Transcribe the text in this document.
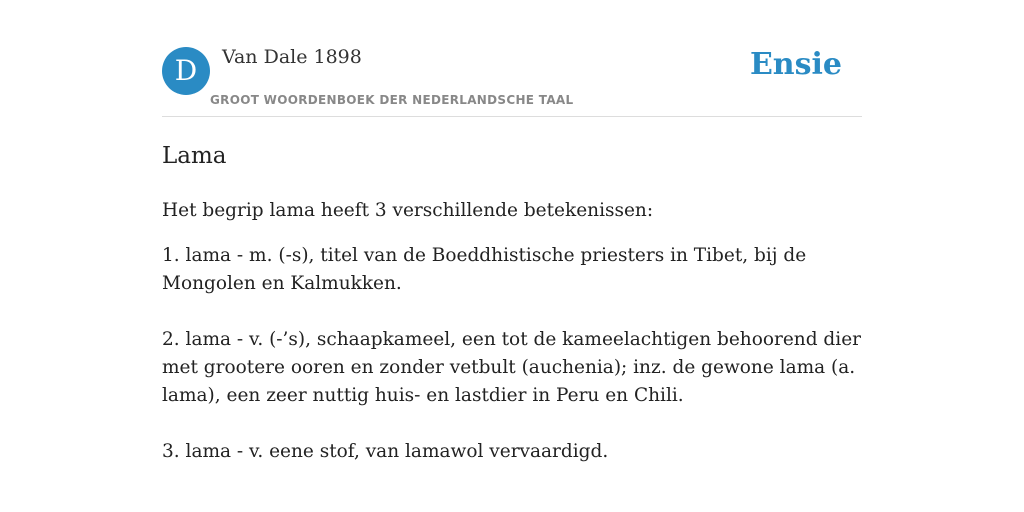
D Van Dale 1898
GROOT WOORDENBOEK DER NEDERLANDSCHE TAAL
Ensie
Lama

Het begrip lama heeft 3 verschillende betekenissen:

1. lama - m. (-s), titel van de Boeddhistische priesters in Tibet, bij de Mongolen en Kalmukken.

2. lama - v. (-’s), schaapkameel, een tot de kameelachtigen behoorend dier met grootere ooren en zonder vetbult (auchenia); inz. de gewone lama (a. lama), een zeer nuttig huis- en lastdier in Peru en Chili.

3. lama - v. eene stof, van lamawol vervaardigd.
